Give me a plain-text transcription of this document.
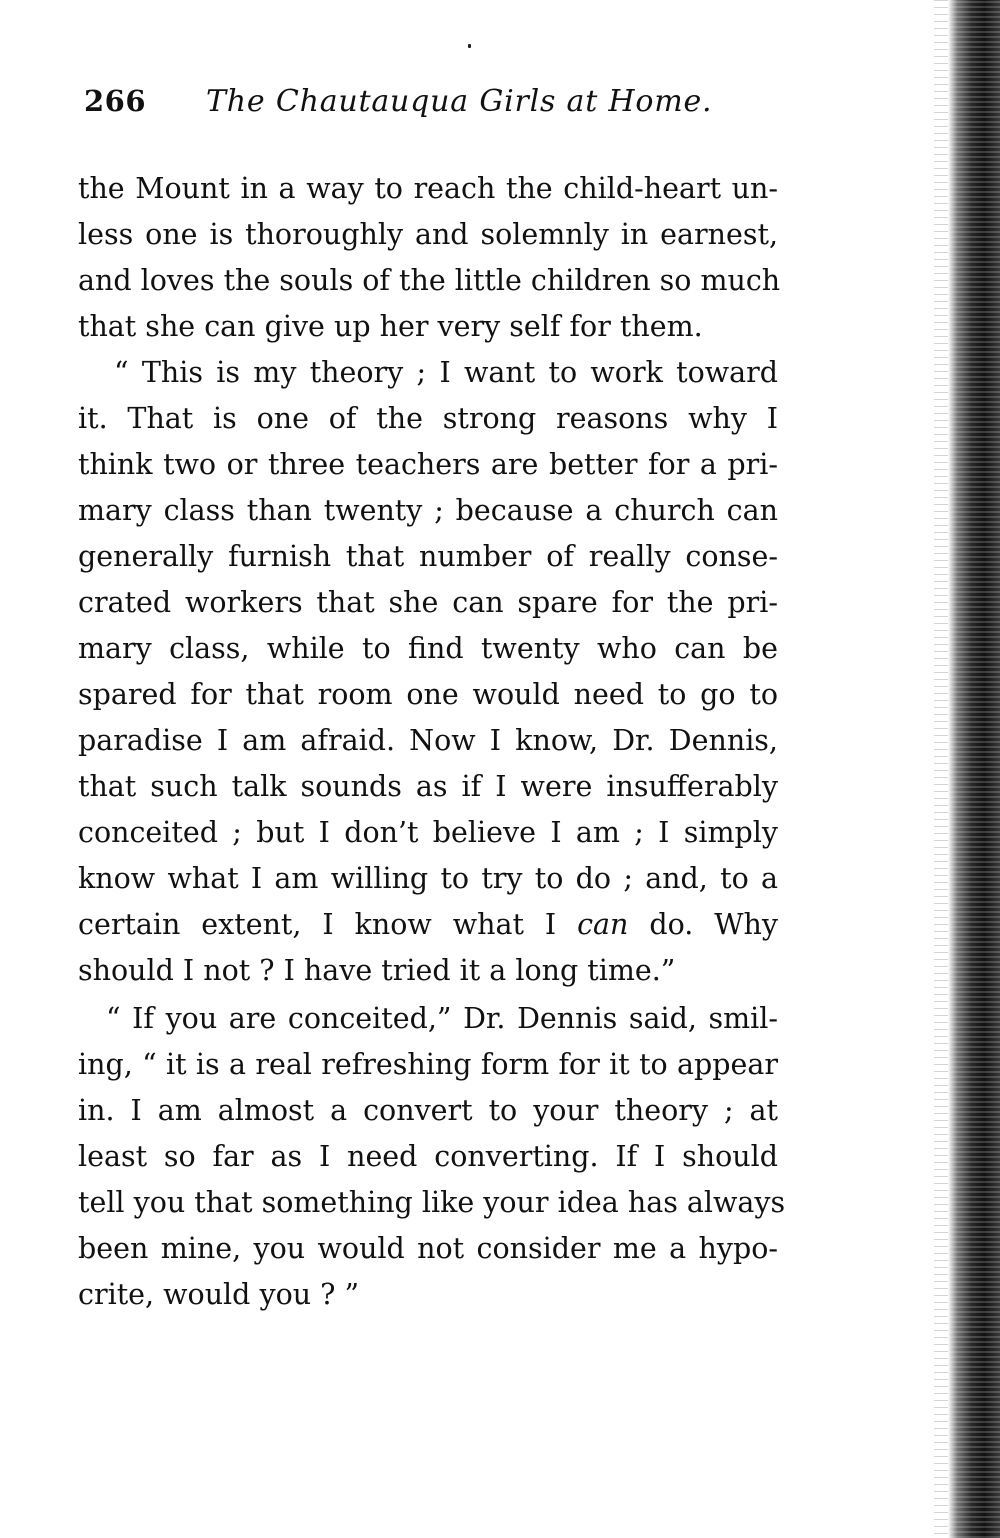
266 The Chautauqua Girls at Home.
the Mount in a way to reach the child-heart un-
less one is thoroughly and solemnly in earnest,
and loves the souls of the little children so much
that she can give up her very self for them.
“ This is my theory ; I want to work toward
it. That is one of the strong reasons why I
think two or three teachers are better for a pri-
mary class than twenty ; because a church can
generally furnish that number of really conse-
crated workers that she can spare for the pri-
mary class, while to find twenty who can be
spared for that room one would need to go to
paradise I am afraid. Now I know, Dr. Dennis,
that such talk sounds as if I were insufferably
conceited ; but I don’t believe I am ; I simply
know what I am willing to try to do ; and, to a
certain extent, I know what I can do. Why
should I not ? I have tried it a long time.”
“ If you are conceited,” Dr. Dennis said, smil-
ing, “ it is a real refreshing form for it to appear
in. I am almost a convert to your theory ; at
least so far as I need converting. If I should
tell you that something like your idea has always
been mine, you would not consider me a hypo-
crite, would you ? ”
